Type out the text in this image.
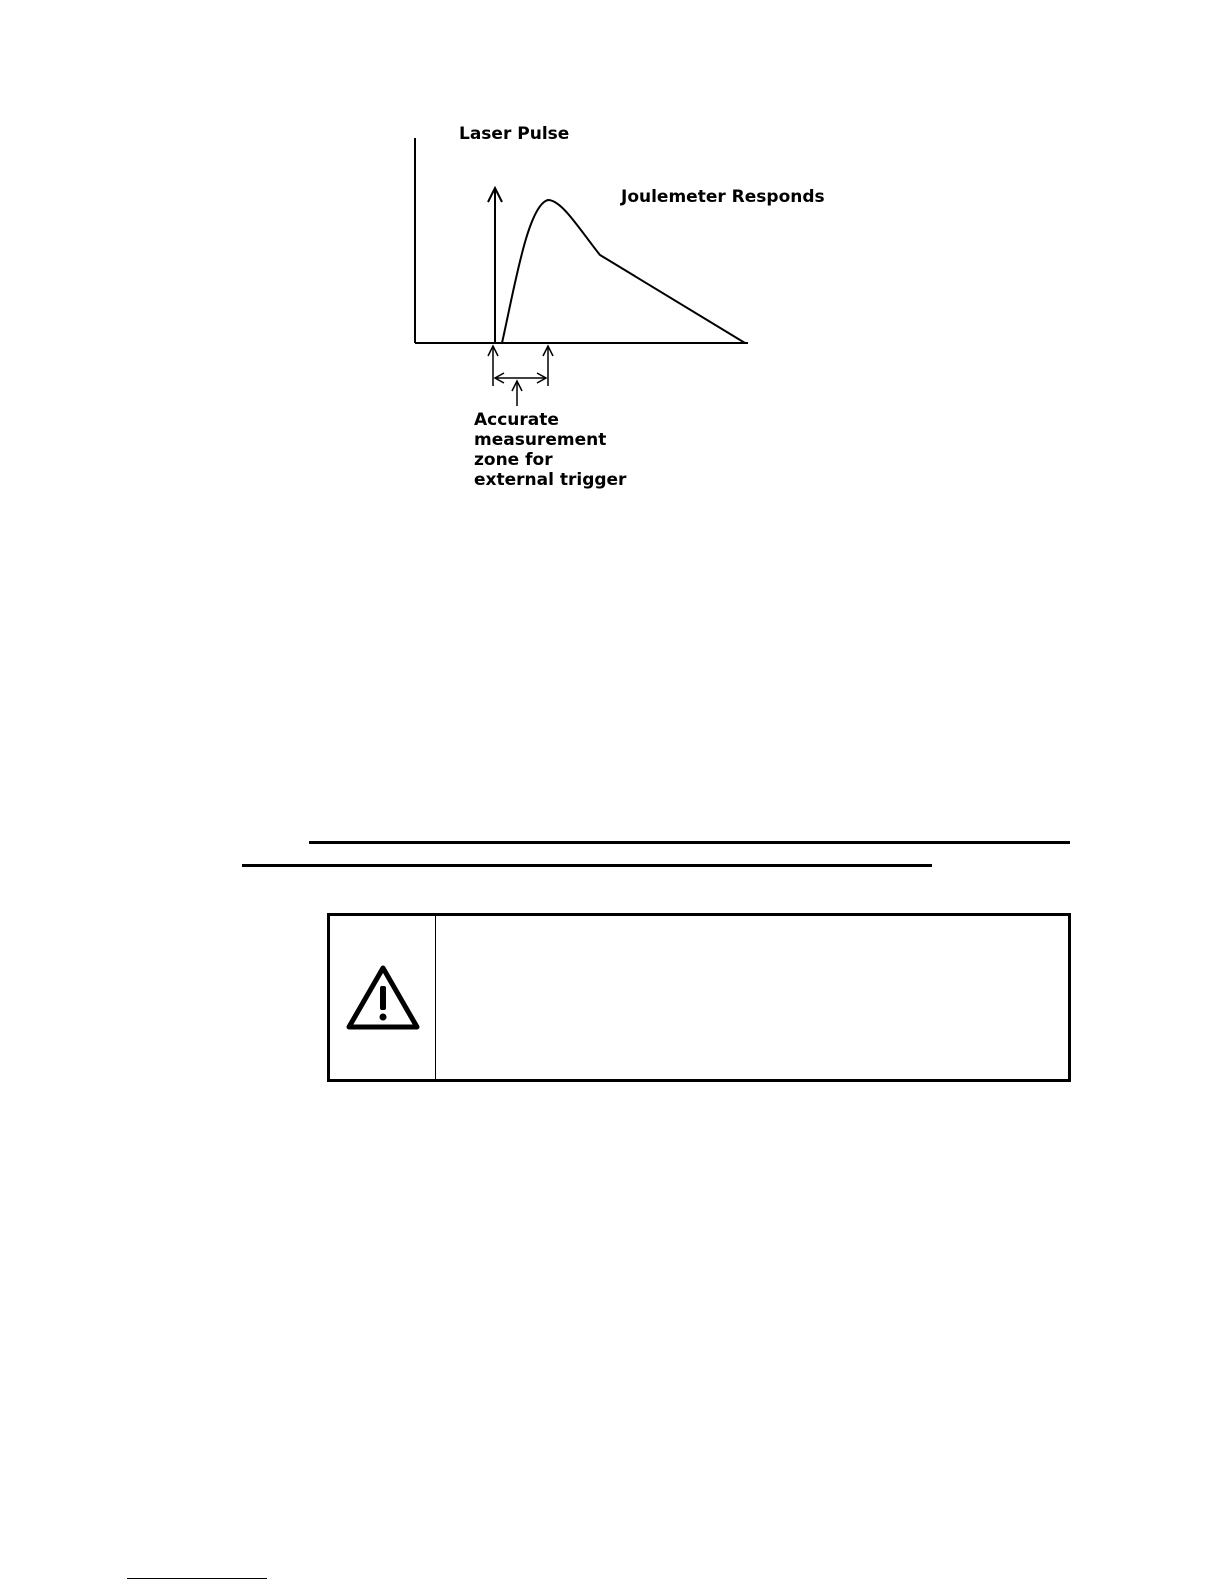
Laser Pulse
Joulemeter Responds
Accurate
measurement
zone for
external trigger
